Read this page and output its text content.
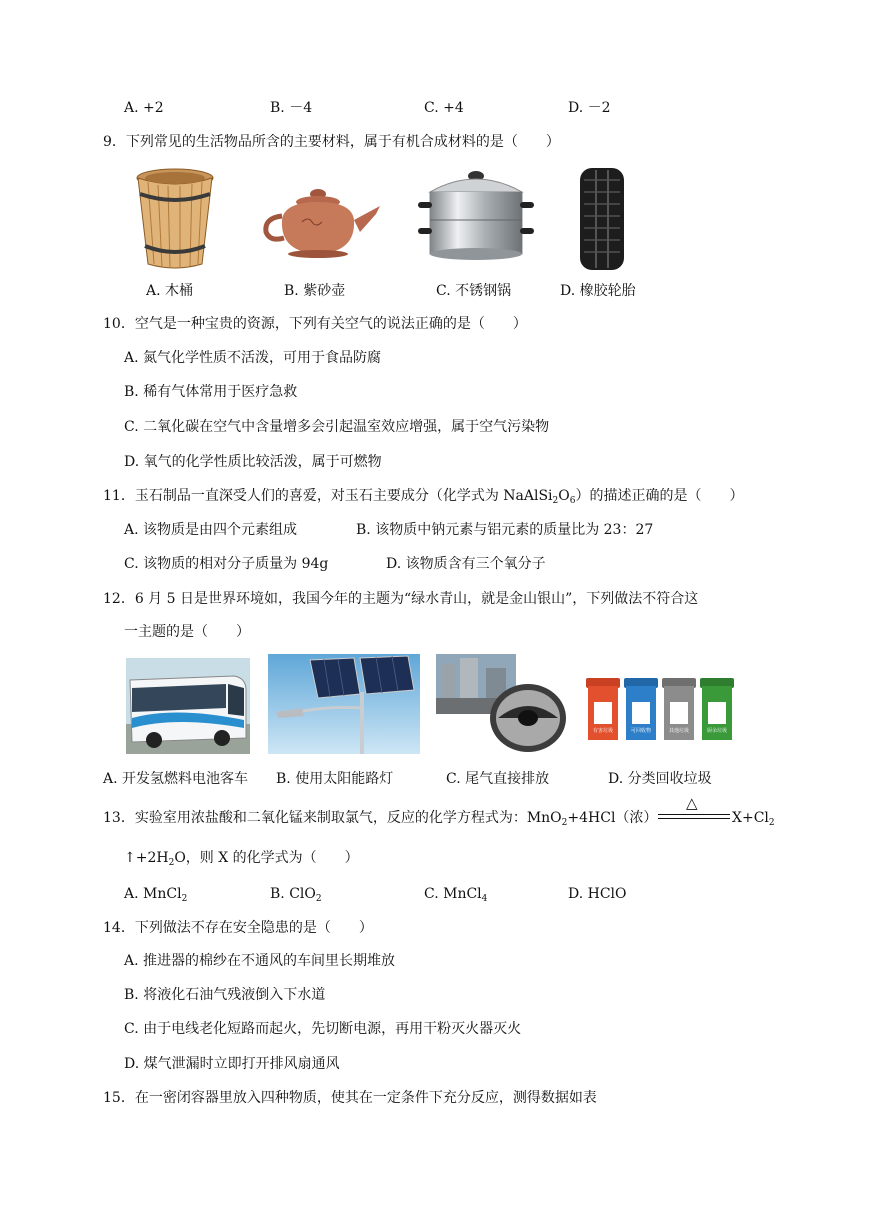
A. +2	B. －4	C. +4	D. －2
9．下列常见的生活物品所含的主要材料，属于有机合成材料的是（　　）
A. 木桶	B. 紫砂壶	C. 不锈钢锅	D. 橡胶轮胎
10．空气是一种宝贵的资源，下列有关空气的说法正确的是（　　）
A. 氮气化学性质不活泼，可用于食品防腐
B. 稀有气体常用于医疗急救
C. 二氧化碳在空气中含量增多会引起温室效应增强，属于空气污染物
D. 氧气的化学性质比较活泼，属于可燃物
11．玉石制品一直深受人们的喜爱，对玉石主要成分（化学式为 $NaAlSi_2O_6$）的描述正确的是（　　）
A. 该物质是由四个元素组成	B. 该物质中钠元素与铝元素的质量比为 23：27
C. 该物质的相对分子质量为 94g	D. 该物质含有三个氧分子
12．6 月 5 日是世界环境如，我国今年的主题为“绿水青山，就是金山银山”，下列做法不符合这
一主题的是（　　）
有害垃圾	可回收物	其他垃圾	厨余垃圾
A. 开发氢燃料电池客车 B. 使用太阳能路灯	C. 尾气直接排放	D. 分类回收垃圾
13．实验室用浓盐酸和二氧化锰来制取氯气，反应的化学方程式为：MnO$_2$+4HCl（浓）
△
$X+Cl_2$
$↑+2H_2O$，则 X 的化学式为（　　）
A. MnCl$_2$	B. ClO$_2$	C. MnCl$_4$	D. HClO
14．下列做法不存在安全隐患的是（　　）
A. 推进器的棉纱在不通风的车间里长期堆放
B. 将液化石油气残液倒入下水道
C. 由于电线老化短路而起火，先切断电源，再用干粉灭火器灭火
D. 煤气泄漏时立即打开排风扇通风
15．在一密闭容器里放入四种物质，使其在一定条件下充分反应，测得数据如表
